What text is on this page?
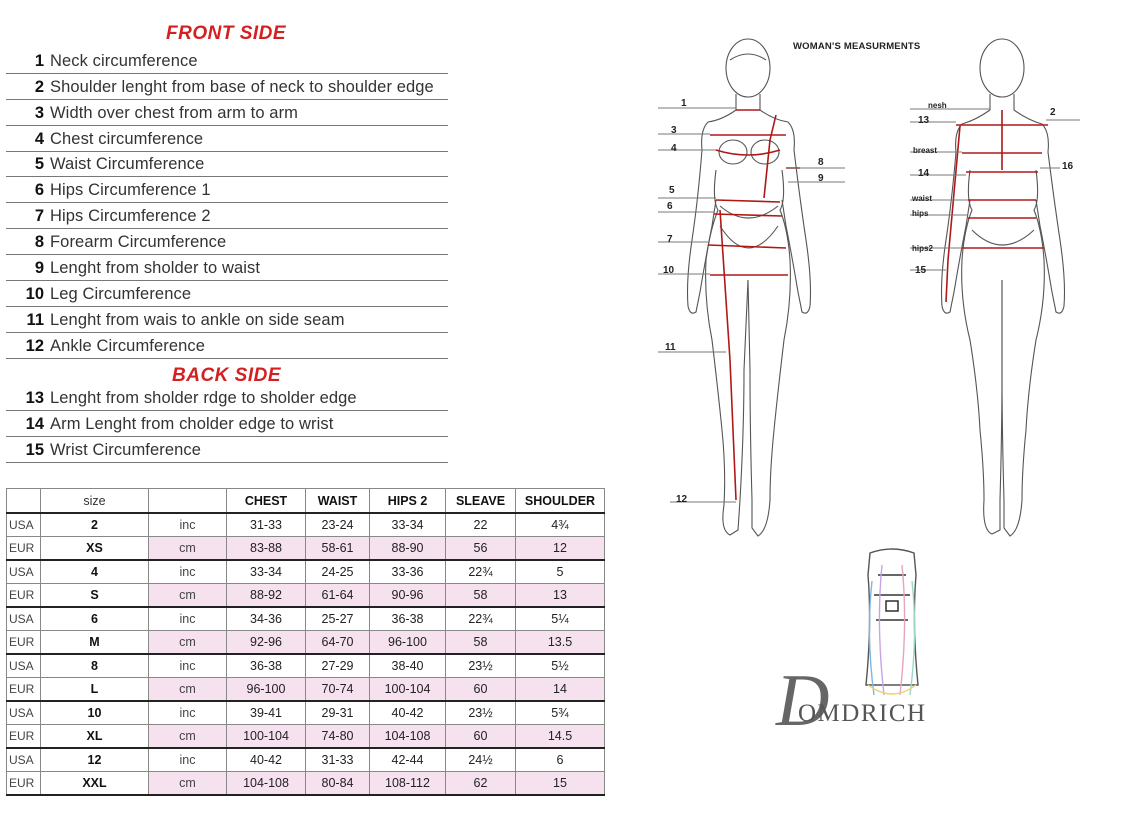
FRONT SIDE
1 Neck circumference
2 Shoulder lenght from base of neck to shoulder edge
3 Width over chest from arm to arm
4 Chest circumference
5 Waist Circumference
6 Hips Circumference 1
7 Hips Circumference 2
8 Forearm Circumference
9 Lenght from sholder to waist
10 Leg Circumference
11 Lenght from wais to ankle on side seam
12 Ankle Circumference
BACK SIDE
13 Lenght from sholder rdge to sholder edge
14 Arm Lenght from cholder edge to wrist
15 Wrist Circumference
	size		CHEST	WAIST	HIPS 2	SLEAVE	SHOULDER
USA	2	inc	31-33	23-24	33-34	22	4¾
EUR	XS	cm	83-88	58-61	88-90	56	12
USA	4	inc	33-34	24-25	33-36	22¾	5
EUR	S	cm	88-92	61-64	90-96	58	13
USA	6	inc	34-36	25-27	36-38	22¾	5¼
EUR	M	cm	92-96	64-70	96-100	58	13.5
USA	8	inc	36-38	27-29	38-40	23½	5½
EUR	L	cm	96-100	70-74	100-104	60	14
USA	10	inc	39-41	29-31	40-42	23½	5¾
EUR	XL	cm	100-104	74-80	104-108	60	14.5
USA	12	inc	40-42	31-33	42-44	24½	6
EUR	XXL	cm	104-108	80-84	108-112	62	15
WOMAN'S MEASURMENTS
1
3
4
8
9
5
6
7
10
11
12
nesh
2
13
breast
16
14
waist
hips
hips2
15
D
OMDRICH
